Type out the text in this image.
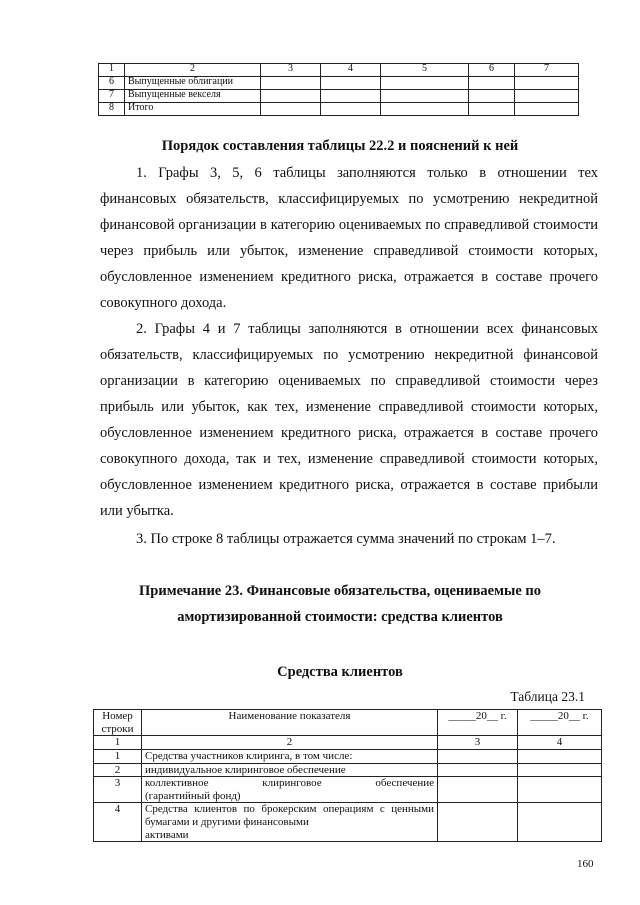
1	2	3	4	5	6	7
6	Выпущенные облигации					
7	Выпущенные векселя					
8	Итого					

Порядок составления таблицы 22.2 и пояснений к ней

1. Графы 3, 5, 6 таблицы заполняются только в отношении тех финансовых обязательств, классифицируемых по усмотрению некредитной финансовой организации в категорию оцениваемых по справедливой стоимости через прибыль или убыток, изменение справедливой стоимости которых, обусловленное изменением кредитного риска, отражается в составе прочего совокупного дохода.

2. Графы 4 и 7 таблицы заполняются в отношении всех финансовых обязательств, классифицируемых по усмотрению некредитной финансовой организации в категорию оцениваемых по справедливой стоимости через прибыль или убыток, как тех, изменение справедливой стоимости которых, обусловленное изменением кредитного риска, отражается в составе прочего совокупного дохода, так и тех, изменение справедливой стоимости которых, обусловленное изменением кредитного риска, отражается в составе прибыли или убытка.

3. По строке 8 таблицы отражается сумма значений по строкам 1–7.

Примечание 23. Финансовые обязательства, оцениваемые по

амортизированной стоимости: средства клиентов

Средства клиентов

Таблица 23.1

Номер
строки	Наименование показателя	_____20__ г.	_____20__ г.
1	2	3	4
1	Средства участников клиринга, в том числе:		
2	индивидуальное клиринговое обеспечение		
3	коллективное клиринговое обеспечение
(гарантийный фонд)		

4	Средства клиентов по брокерским операциям с ценными бумагами и другими финансовыми
активами		

160
